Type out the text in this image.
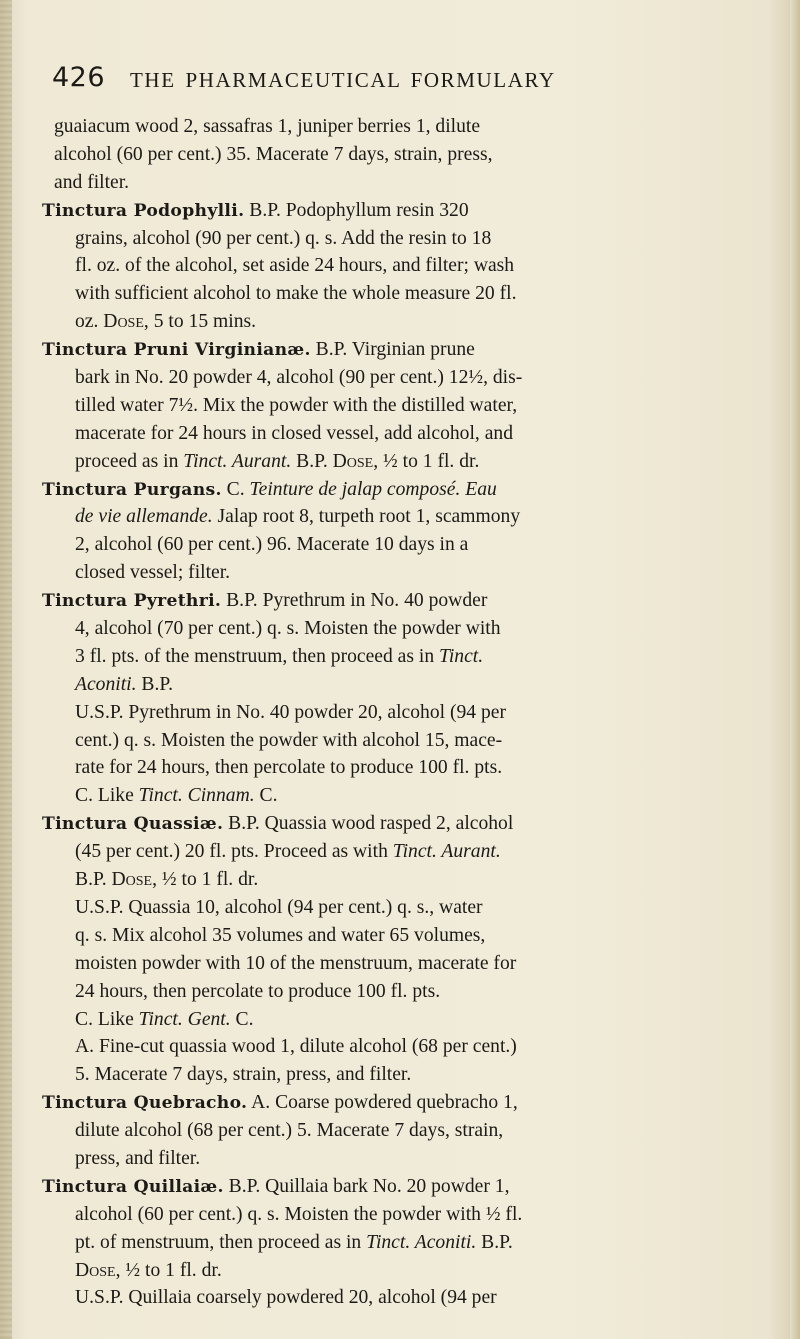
426 THE PHARMACEUTICAL FORMULARY
guaiacum wood 2, sassafras 1, juniper berries 1, dilute
alcohol (60 per cent.) 35. Macerate 7 days, strain, press,
and filter.
Tinctura Podophylli. B.P. Podophyllum resin 320
grains, alcohol (90 per cent.) q. s. Add the resin to 18
fl. oz. of the alcohol, set aside 24 hours, and filter; wash
with sufficient alcohol to make the whole measure 20 fl.
oz. Dose, 5 to 15 mins.
Tinctura Pruni Virginianæ. B.P. Virginian prune
bark in No. 20 powder 4, alcohol (90 per cent.) 12½, dis-
tilled water 7½. Mix the powder with the distilled water,
macerate for 24 hours in closed vessel, add alcohol, and
proceed as in Tinct. Aurant. B.P. Dose, ½ to 1 fl. dr.
Tinctura Purgans. C. Teinture de jalap composé. Eau
de vie allemande. Jalap root 8, turpeth root 1, scammony
2, alcohol (60 per cent.) 96. Macerate 10 days in a
closed vessel; filter.
Tinctura Pyrethri. B.P. Pyrethrum in No. 40 powder
4, alcohol (70 per cent.) q. s. Moisten the powder with
3 fl. pts. of the menstruum, then proceed as in Tinct.
Aconiti. B.P.
U.S.P. Pyrethrum in No. 40 powder 20, alcohol (94 per
cent.) q. s. Moisten the powder with alcohol 15, mace-
rate for 24 hours, then percolate to produce 100 fl. pts.
C. Like Tinct. Cinnam. C.
Tinctura Quassiæ. B.P. Quassia wood rasped 2, alcohol
(45 per cent.) 20 fl. pts. Proceed as with Tinct. Aurant.
B.P. Dose, ½ to 1 fl. dr.
U.S.P. Quassia 10, alcohol (94 per cent.) q. s., water
q. s. Mix alcohol 35 volumes and water 65 volumes,
moisten powder with 10 of the menstruum, macerate for
24 hours, then percolate to produce 100 fl. pts.
C. Like Tinct. Gent. C.
A. Fine-cut quassia wood 1, dilute alcohol (68 per cent.)
5. Macerate 7 days, strain, press, and filter.
Tinctura Quebracho. A. Coarse powdered quebracho 1,
dilute alcohol (68 per cent.) 5. Macerate 7 days, strain,
press, and filter.
Tinctura Quillaiæ. B.P. Quillaia bark No. 20 powder 1,
alcohol (60 per cent.) q. s. Moisten the powder with ½ fl.
pt. of menstruum, then proceed as in Tinct. Aconiti. B.P.
Dose, ½ to 1 fl. dr.
U.S.P. Quillaia coarsely powdered 20, alcohol (94 per
